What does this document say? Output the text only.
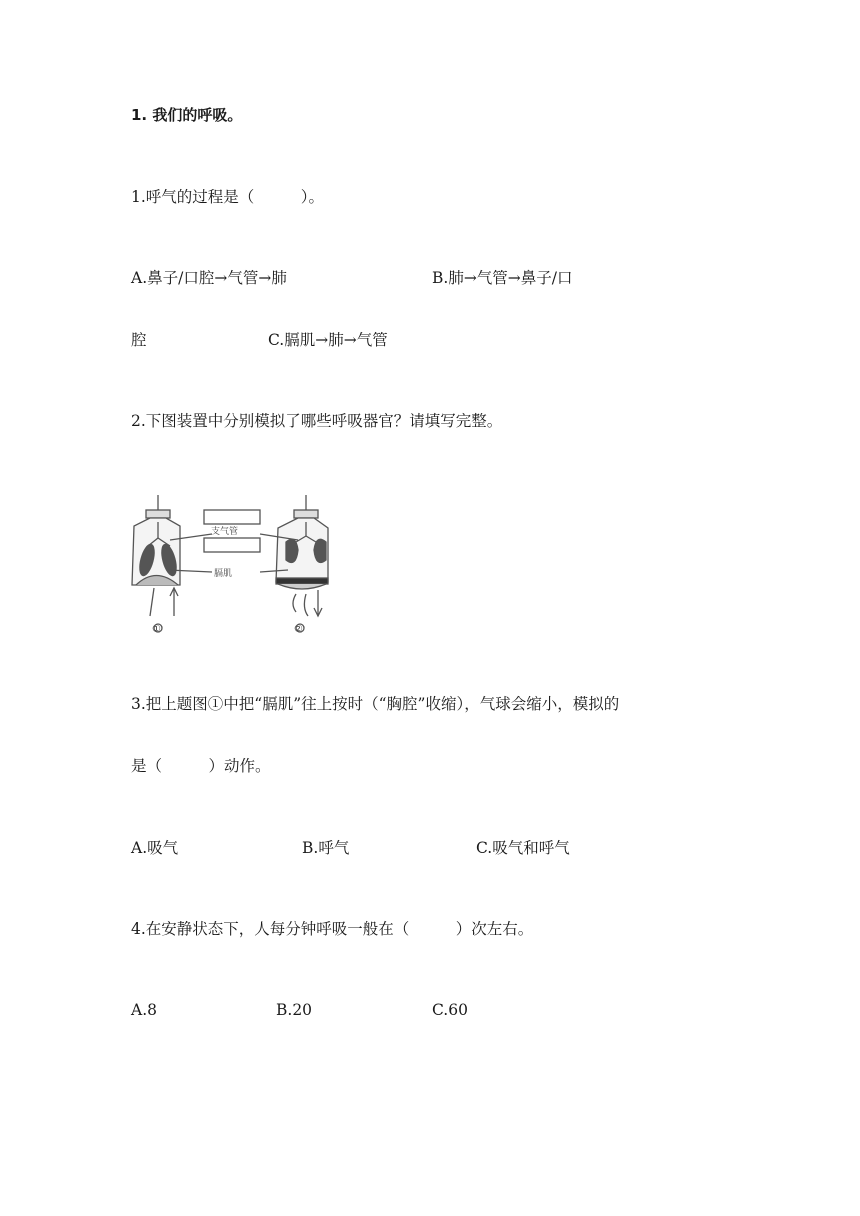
1. 我们的呼吸。
1.呼气的过程是（　　　）。
A.鼻子/口腔→气管→肺	B.肺→气管→鼻子/口
腔	C.膈肌→肺→气管
2.下图装置中分别模拟了哪些呼吸器官？请填写完整。
支气管
膈肌
①	②
3.把上题图①中把“膈肌”往上按时（“胸腔”收缩），气球会缩小，模拟的
是（　　　）动作。
A.吸气	B.呼气	C.吸气和呼气
4.在安静状态下，人每分钟呼吸一般在（　　　）次左右。
A.8	B.20	C.60
